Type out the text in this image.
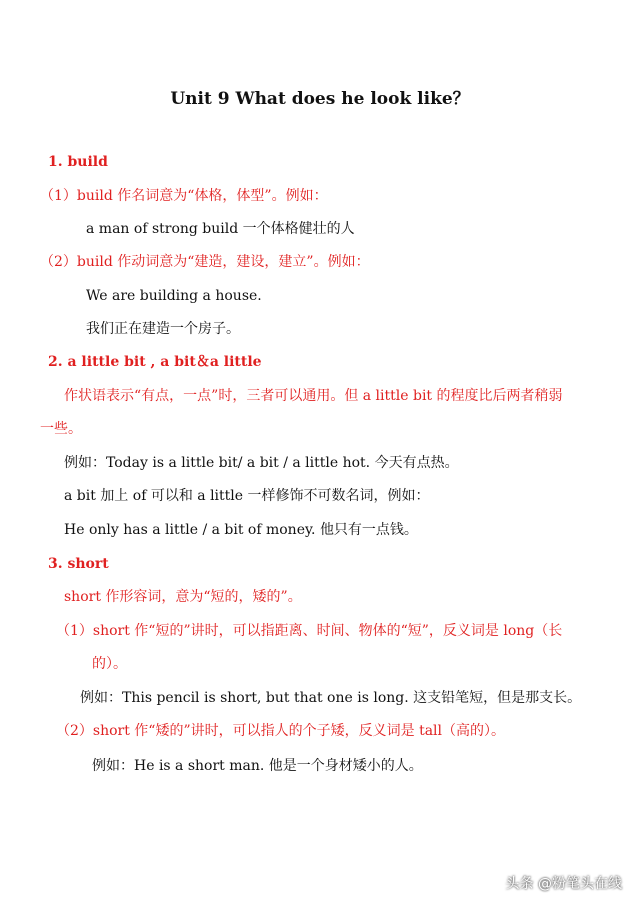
Unit 9 What does he look like？
1. build
（1）build 作名词意为“体格，体型”。例如：
a man of strong build 一个体格健壮的人
（2）build 作动词意为“建造，建设，建立”。例如：
We are building a house.
我们正在建造一个房子。
2. a little bit , a bit＆a little
作状语表示“有点，一点”时，三者可以通用。但 a little bit 的程度比后两者稍弱
一些。
例如：Today is a little bit/ a bit / a little hot. 今天有点热。
a bit 加上 of 可以和 a little 一样修饰不可数名词，例如：
He only has a little / a bit of money. 他只有一点钱。
3. short
short 作形容词，意为“短的，矮的”。
（1）short 作“短的”讲时，可以指距离、时间、物体的“短”，反义词是 long（长
的）。
例如：This pencil is short, but that one is long. 这支铅笔短，但是那支长。
（2）short 作“矮的”讲时，可以指人的个子矮，反义词是 tall（高的）。
例如：He is a short man. 他是一个身材矮小的人。
头条 @粉笔头在线
